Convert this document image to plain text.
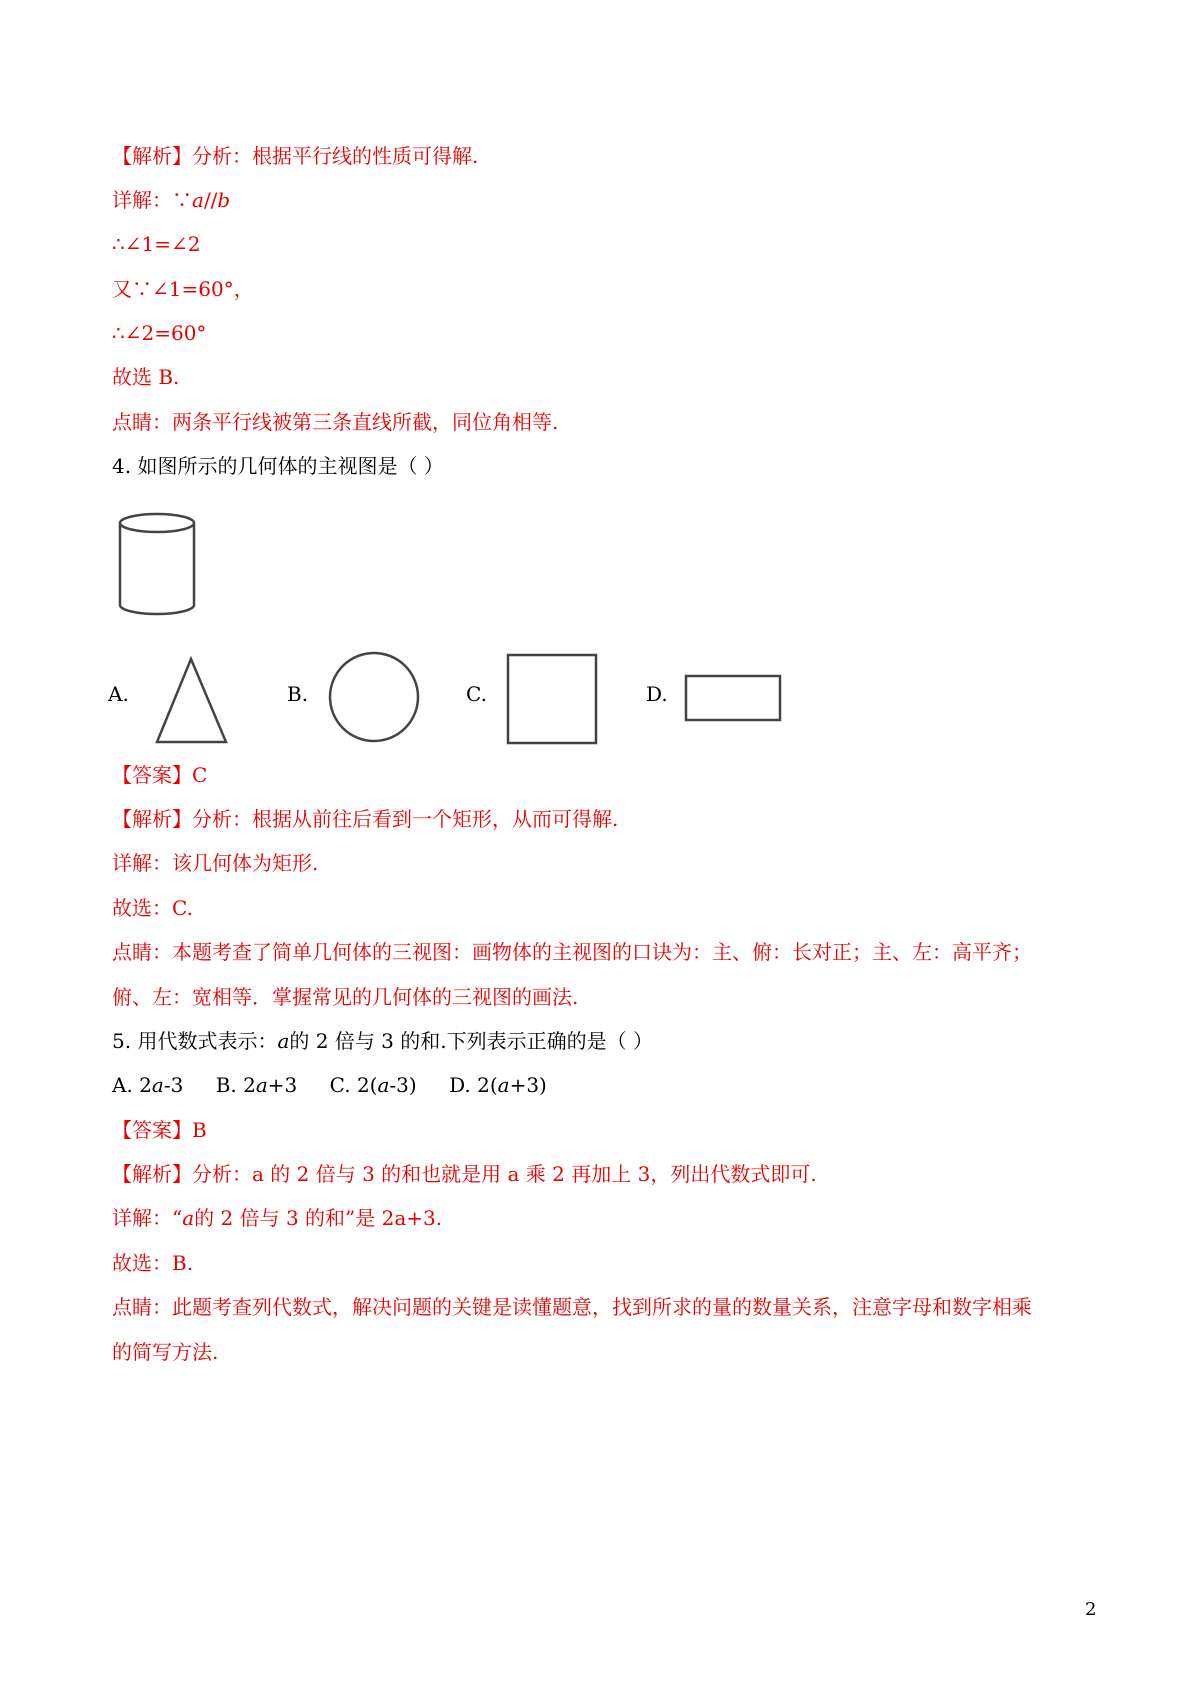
【解析】分析：根据平行线的性质可得解.
详解：∵a//b
∴∠1=∠2
又∵∠1=60°，
∴∠2=60°
故选 B.
点睛：两条平行线被第三条直线所截，同位角相等.
4. 如图所示的几何体的主视图是（ ）
A.	B.	C.	D.
【答案】C
【解析】分析：根据从前往后看到一个矩形，从而可得解.
详解：该几何体为矩形.
故选：C.
点睛：本题考查了简单几何体的三视图：画物体的主视图的口诀为：主、俯：长对正；主、左：高平齐；
俯、左：宽相等．掌握常见的几何体的三视图的画法.
5. 用代数式表示：a的 2 倍与 3 的和.下列表示正确的是（ ）
A. 2a-3 B. 2a+3 C. 2(a-3) D. 2(a+3)
【答案】B
【解析】分析：a 的 2 倍与 3 的和也就是用 a 乘 2 再加上 3，列出代数式即可.
详解：“a的 2 倍与 3 的和”是 2a+3.
故选：B.
点睛：此题考查列代数式，解决问题的关键是读懂题意，找到所求的量的数量关系，注意字母和数字相乘
的简写方法.
2
